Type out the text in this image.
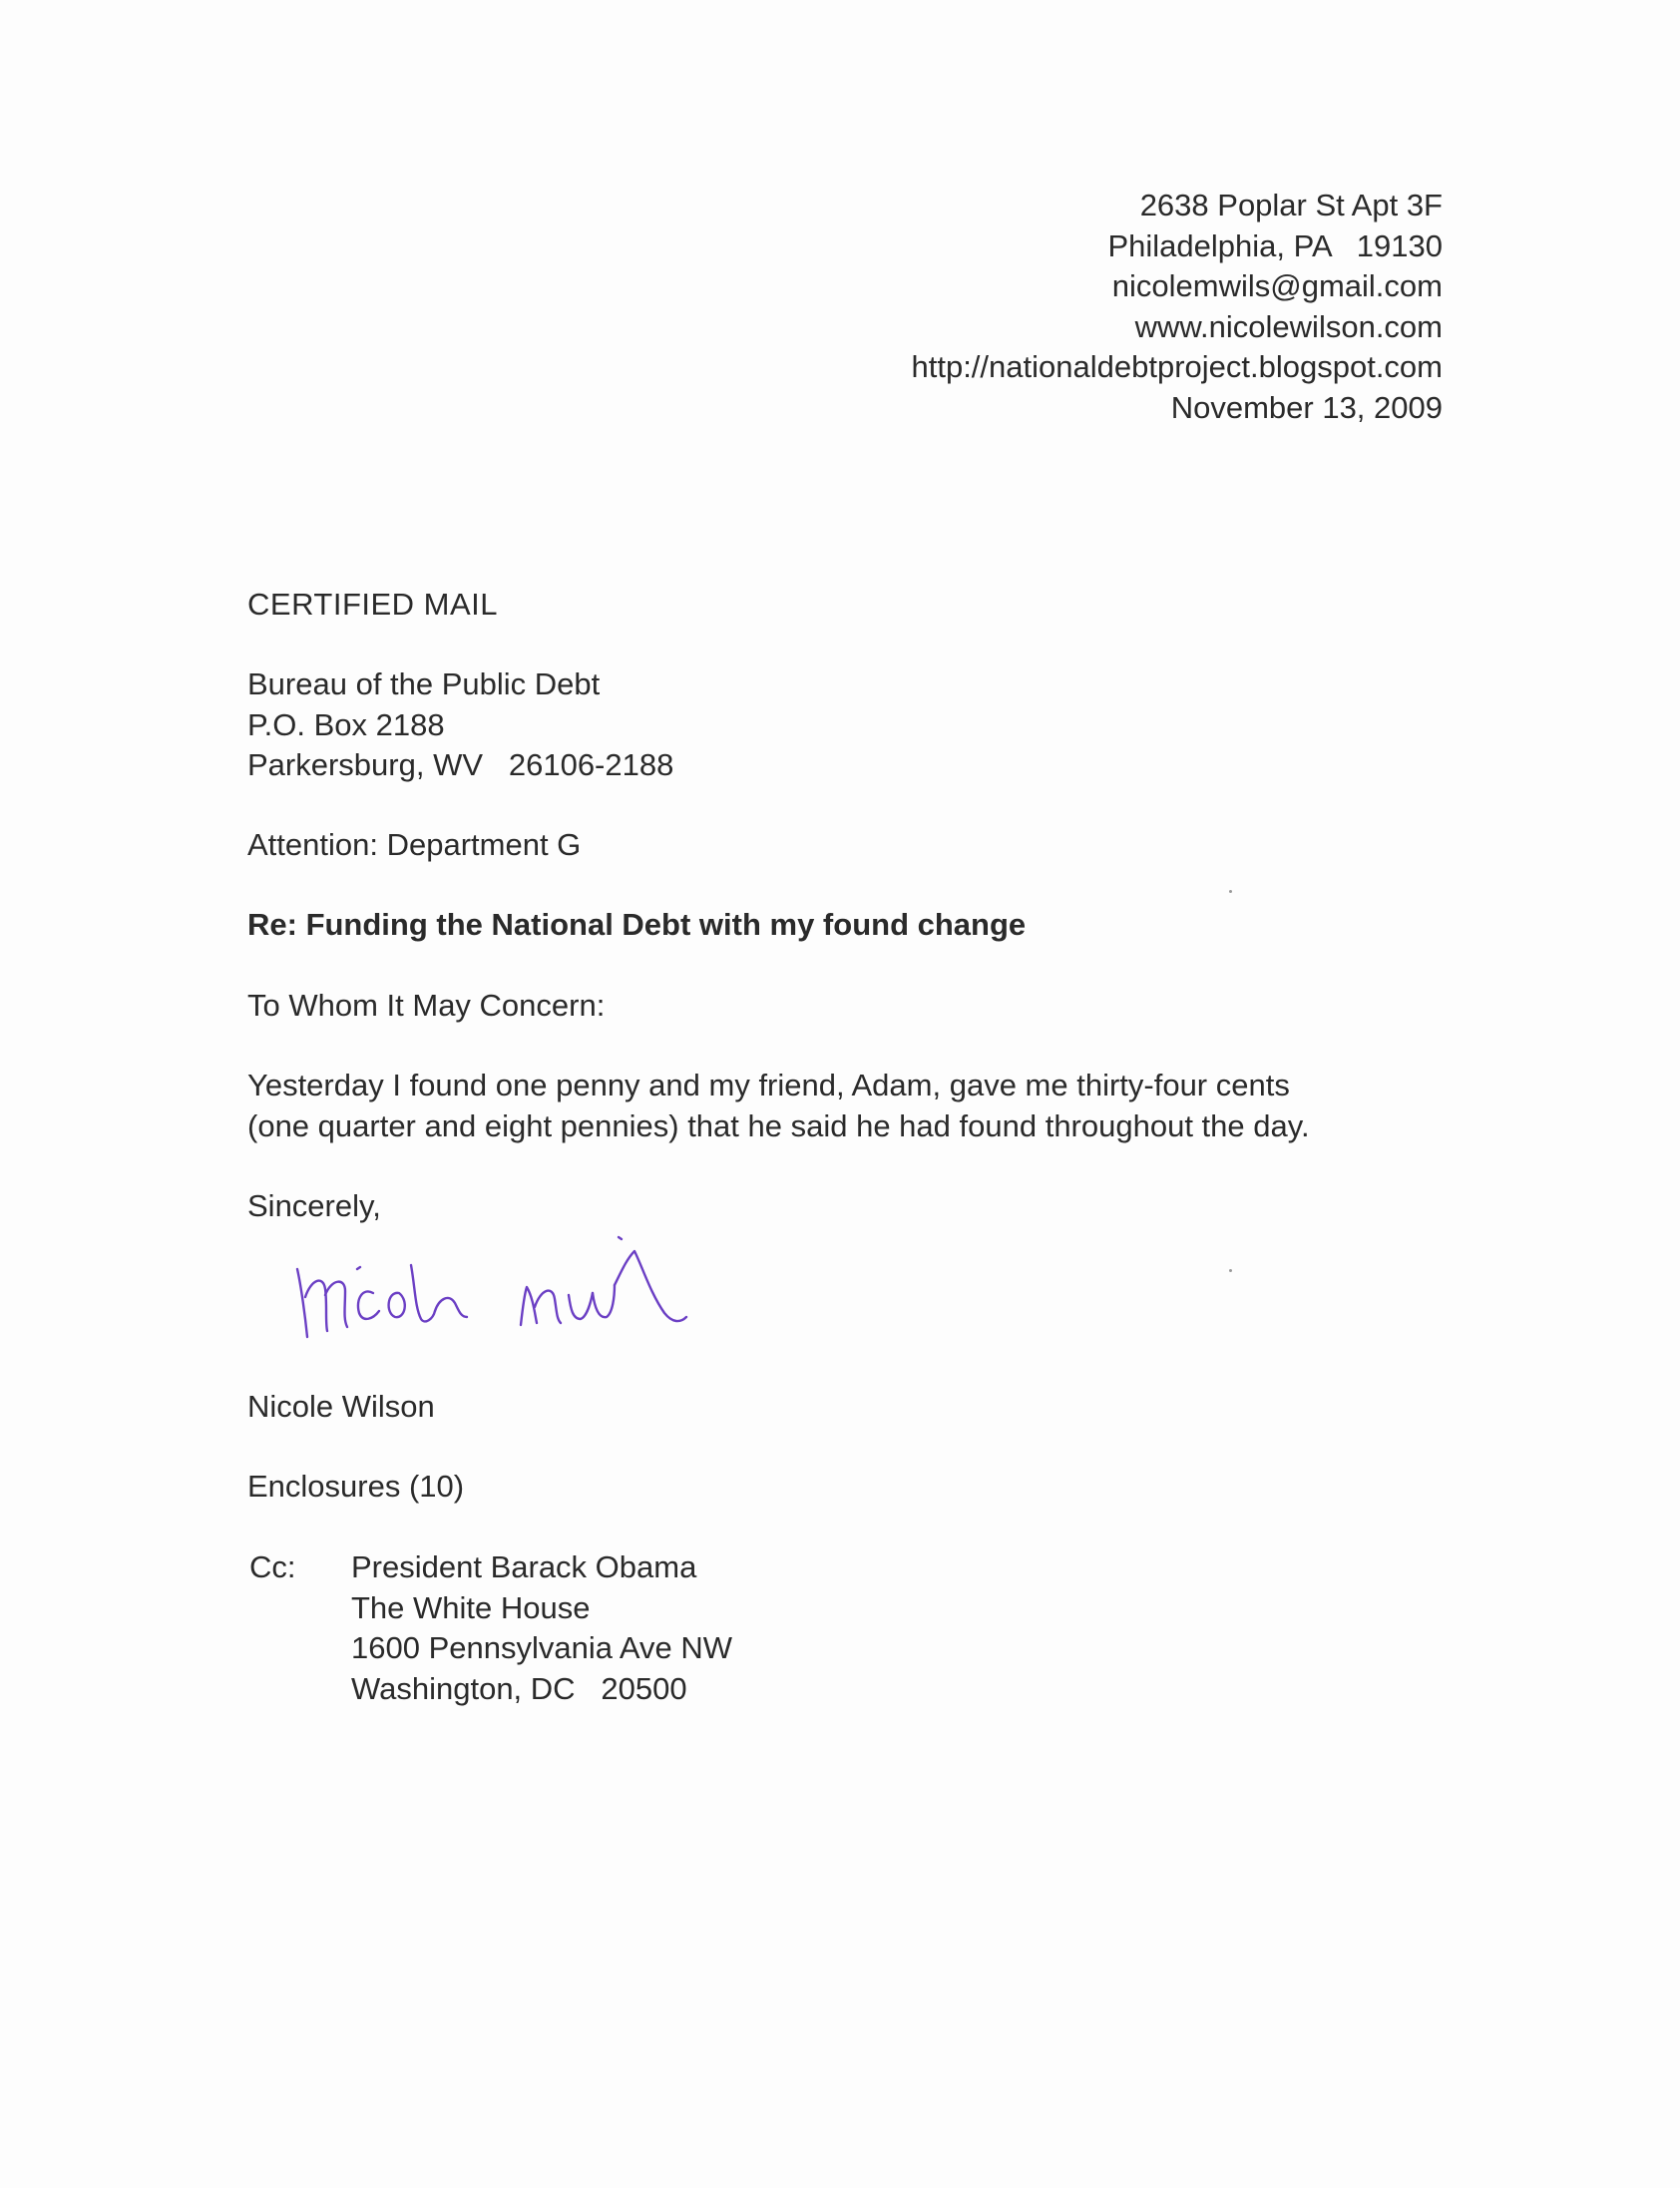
2638 Poplar St Apt 3F
Philadelphia, PA   19130
nicolemwils@gmail.com
www.nicolewilson.com
http://nationaldebtproject.blogspot.com
November 13, 2009
CERTIFIED MAIL
Bureau of the Public Debt
P.O. Box 2188
Parkersburg, WV   26106-2188
Attention: Department G
Re: Funding the National Debt with my found change
To Whom It May Concern:
Yesterday I found one penny and my friend, Adam, gave me thirty-four cents
(one quarter and eight pennies) that he said he had found throughout the day.
Sincerely,
Nicole Wilson
Enclosures (10)
Cc: President Barack Obama
The White House
1600 Pennsylvania Ave NW
Washington, DC   20500
